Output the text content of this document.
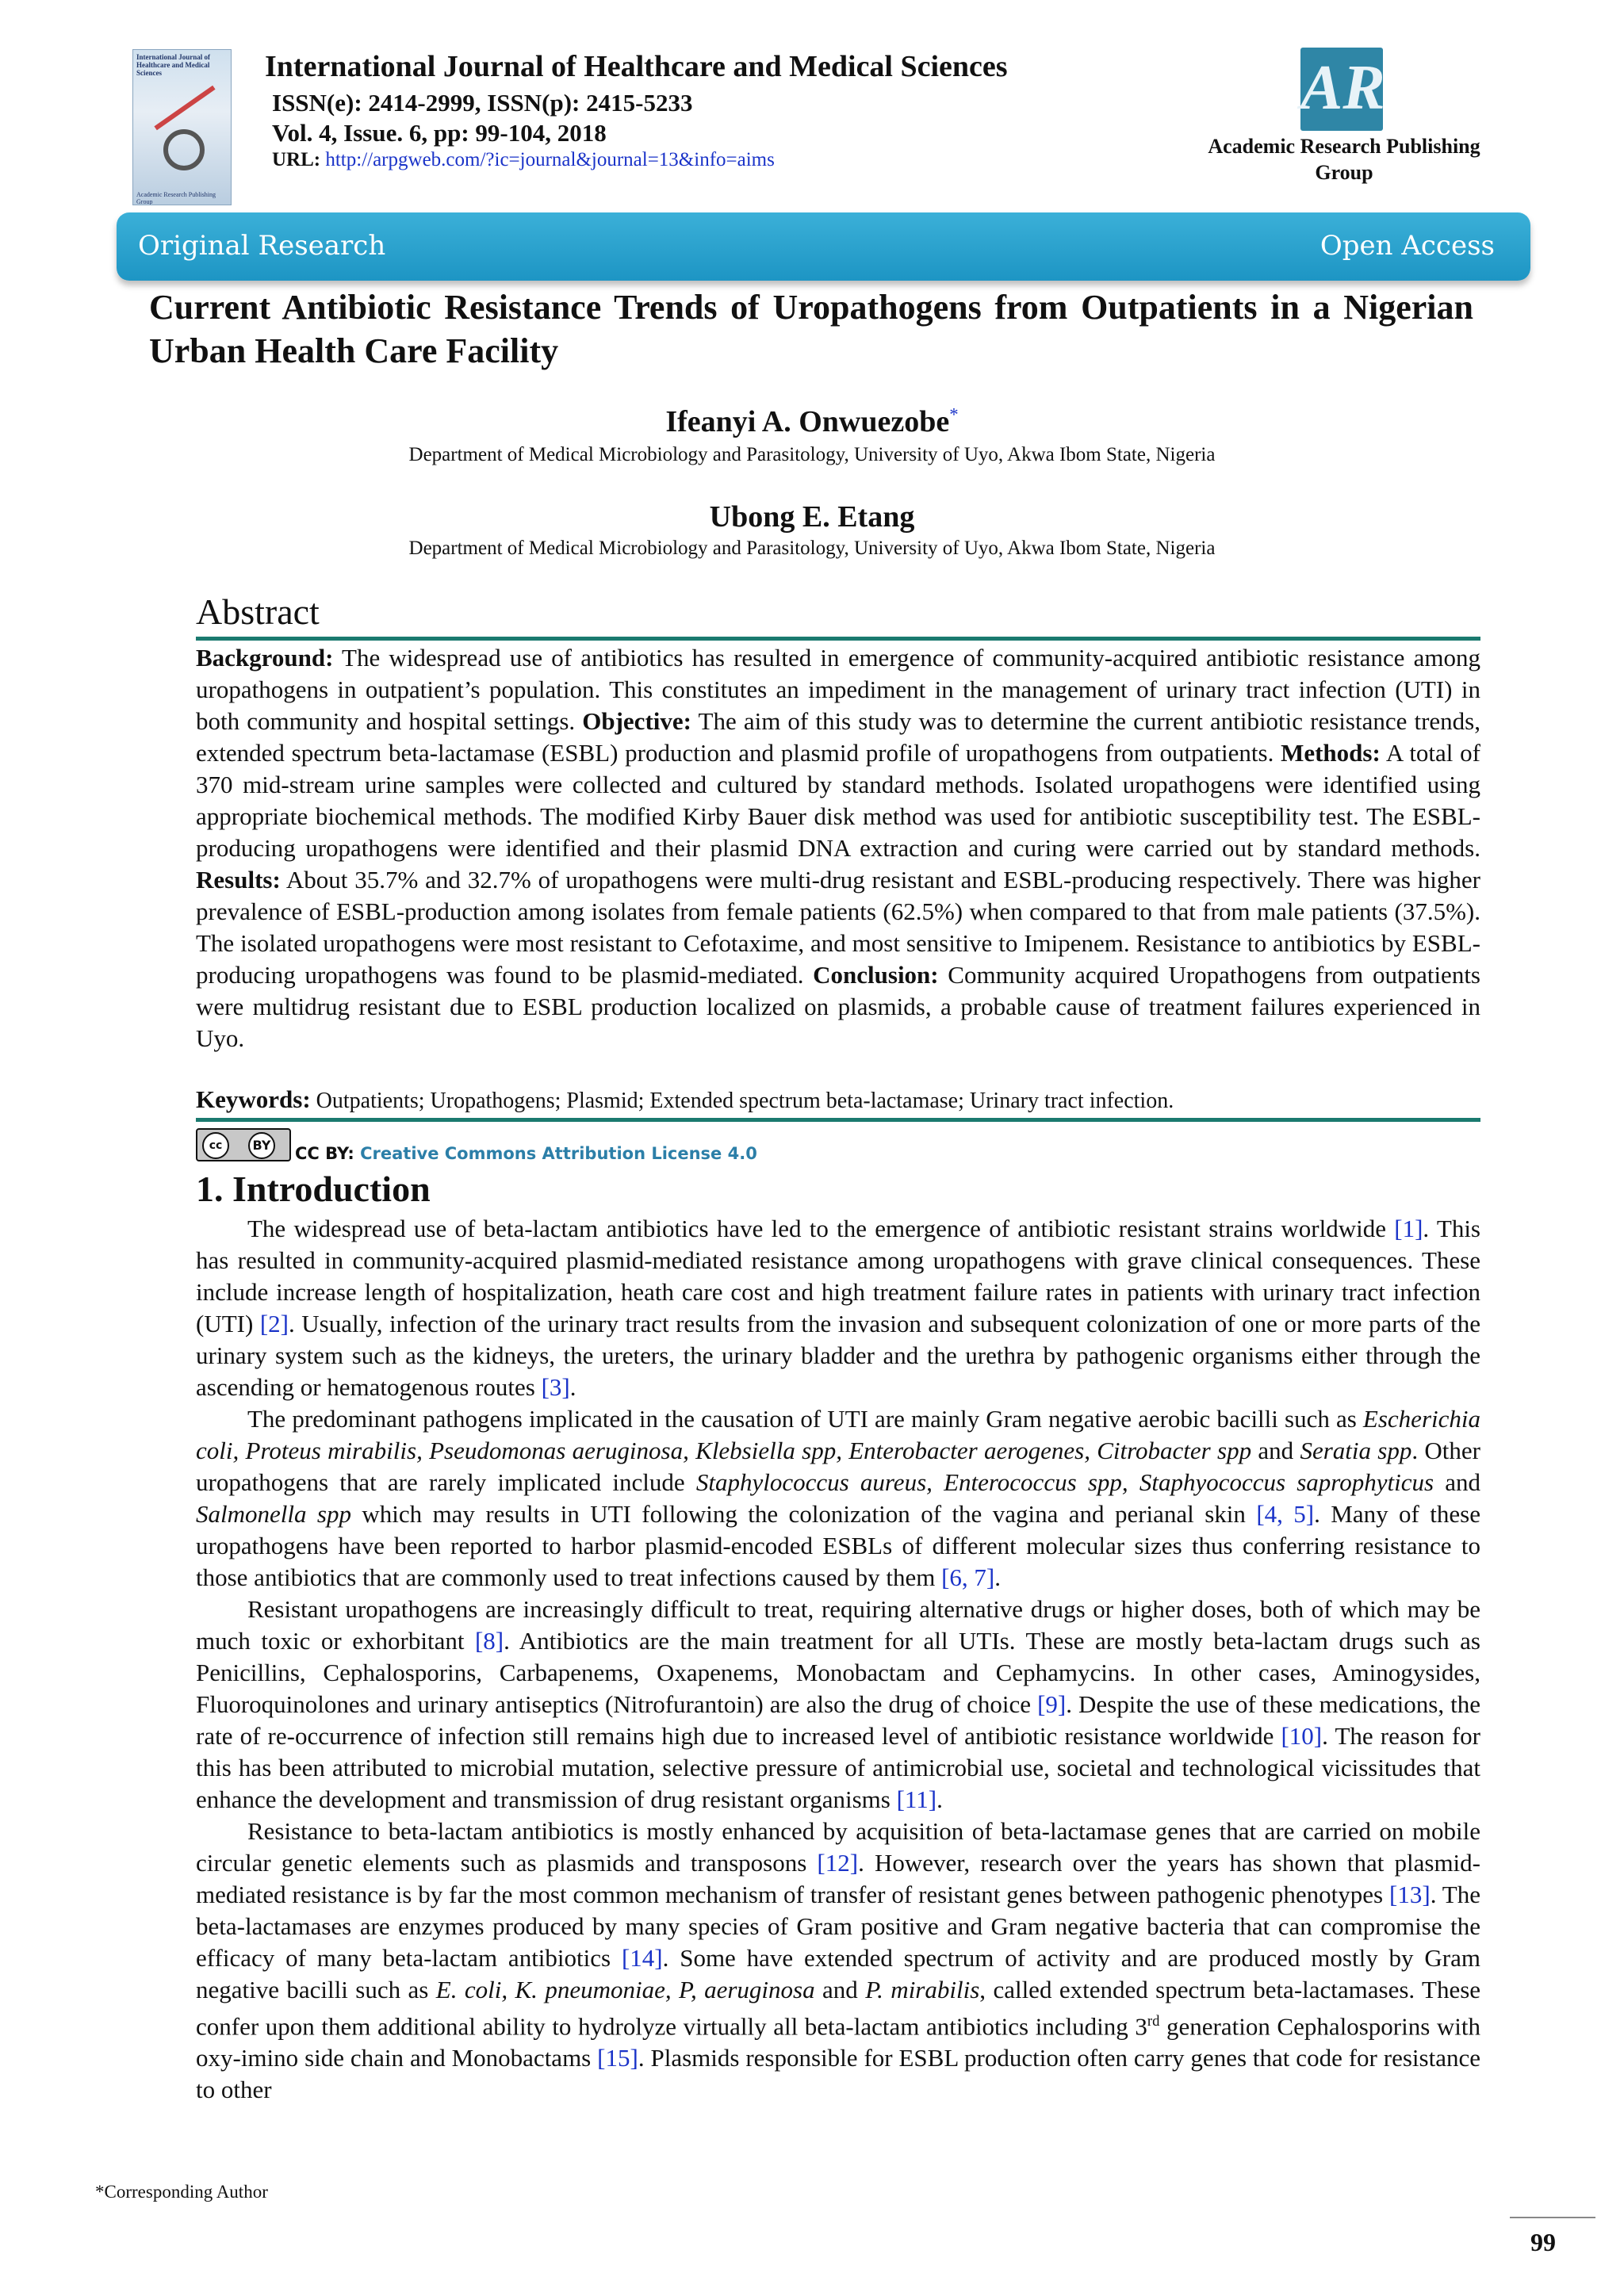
International Journal of Healthcare and Medical Sciences
Academic Research Publishing Group
International Journal of Healthcare and Medical Sciences
ISSN(e): 2414-2999, ISSN(p): 2415-5233
Vol. 4, Issue. 6, pp: 99-104, 2018
URL: http://arpgweb.com/?ic=journal&journal=13&info=aims
AR
Academic Research Publishing
Group
Original Research	Open Access
Current Antibiotic Resistance Trends of Uropathogens from Outpatients in a Nigerian Urban Health Care Facility
Ifeanyi A. Onwuezobe*
Department of Medical Microbiology and Parasitology, University of Uyo, Akwa Ibom State, Nigeria
Ubong E. Etang
Department of Medical Microbiology and Parasitology, University of Uyo, Akwa Ibom State, Nigeria
Abstract
Background: The widespread use of antibiotics has resulted in emergence of community-acquired antibiotic resistance among uropathogens in outpatient’s population. This constitutes an impediment in the management of urinary tract infection (UTI) in both community and hospital settings. Objective: The aim of this study was to determine the current antibiotic resistance trends, extended spectrum beta-lactamase (ESBL) production and plasmid profile of uropathogens from outpatients. Methods: A total of 370 mid-stream urine samples were collected and cultured by standard methods. Isolated uropathogens were identified using appropriate biochemical methods. The modified Kirby Bauer disk method was used for antibiotic susceptibility test. The ESBL-producing uropathogens were identified and their plasmid DNA extraction and curing were carried out by standard methods. Results: About 35.7% and 32.7% of uropathogens were multi-drug resistant and ESBL-producing respectively. There was higher prevalence of ESBL-production among isolates from female patients (62.5%) when compared to that from male patients (37.5%). The isolated uropathogens were most resistant to Cefotaxime, and most sensitive to Imipenem. Resistance to antibiotics by ESBL-producing uropathogens was found to be plasmid-mediated. Conclusion: Community acquired Uropathogens from outpatients were multidrug resistant due to ESBL production localized on plasmids, a probable cause of treatment failures experienced in Uyo.
Keywords: Outpatients; Uropathogens; Plasmid; Extended spectrum beta-lactamase; Urinary tract infection.
cc	BY CC BY: Creative Commons Attribution License 4.0
1. Introduction

The widespread use of beta-lactam antibiotics have led to the emergence of antibiotic resistant strains worldwide [1]. This has resulted in community-acquired plasmid-mediated resistance among uropathogens with grave clinical consequences. These include increase length of hospitalization, heath care cost and high treatment failure rates in patients with urinary tract infection (UTI) [2]. Usually, infection of the urinary tract results from the invasion and subsequent colonization of one or more parts of the urinary system such as the kidneys, the ureters, the urinary bladder and the urethra by pathogenic organisms either through the ascending or hematogenous routes [3].

The predominant pathogens implicated in the causation of UTI are mainly Gram negative aerobic bacilli such as Escherichia coli, Proteus mirabilis, Pseudomonas aeruginosa, Klebsiella spp, Enterobacter aerogenes, Citrobacter spp and Seratia spp. Other uropathogens that are rarely implicated include Staphylococcus aureus, Enterococcus spp, Staphyococcus saprophyticus and Salmonella spp which may results in UTI following the colonization of the vagina and perianal skin [4, 5]. Many of these uropathogens have been reported to harbor plasmid-encoded ESBLs of different molecular sizes thus conferring resistance to those antibiotics that are commonly used to treat infections caused by them [6, 7].

Resistant uropathogens are increasingly difficult to treat, requiring alternative drugs or higher doses, both of which may be much toxic or exhorbitant [8]. Antibiotics are the main treatment for all UTIs. These are mostly beta-lactam drugs such as Penicillins, Cephalosporins, Carbapenems, Oxapenems, Monobactam and Cephamycins. In other cases, Aminogysides, Fluoroquinolones and urinary antiseptics (Nitrofurantoin) are also the drug of choice [9]. Despite the use of these medications, the rate of re-occurrence of infection still remains high due to increased level of antibiotic resistance worldwide [10]. The reason for this has been attributed to microbial mutation, selective pressure of antimicrobial use, societal and technological vicissitudes that enhance the development and transmission of drug resistant organisms [11].

Resistance to beta-lactam antibiotics is mostly enhanced by acquisition of beta-lactamase genes that are carried on mobile circular genetic elements such as plasmids and transposons [12]. However, research over the years has shown that plasmid-mediated resistance is by far the most common mechanism of transfer of resistant genes between pathogenic phenotypes [13]. The beta-lactamases are enzymes produced by many species of Gram positive and Gram negative bacteria that can compromise the efficacy of many beta-lactam antibiotics [14]. Some have extended spectrum of activity and are produced mostly by Gram negative bacilli such as E. coli, K. pneumoniae, P, aeruginosa and P. mirabilis, called extended spectrum beta-lactamases. These confer upon them additional ability to hydrolyze virtually all beta-lactam antibiotics including 3rd generation Cephalosporins with oxy-imino side chain and Monobactams [15]. Plasmids responsible for ESBL production often carry genes that code for resistance to other

*Corresponding Author
99
